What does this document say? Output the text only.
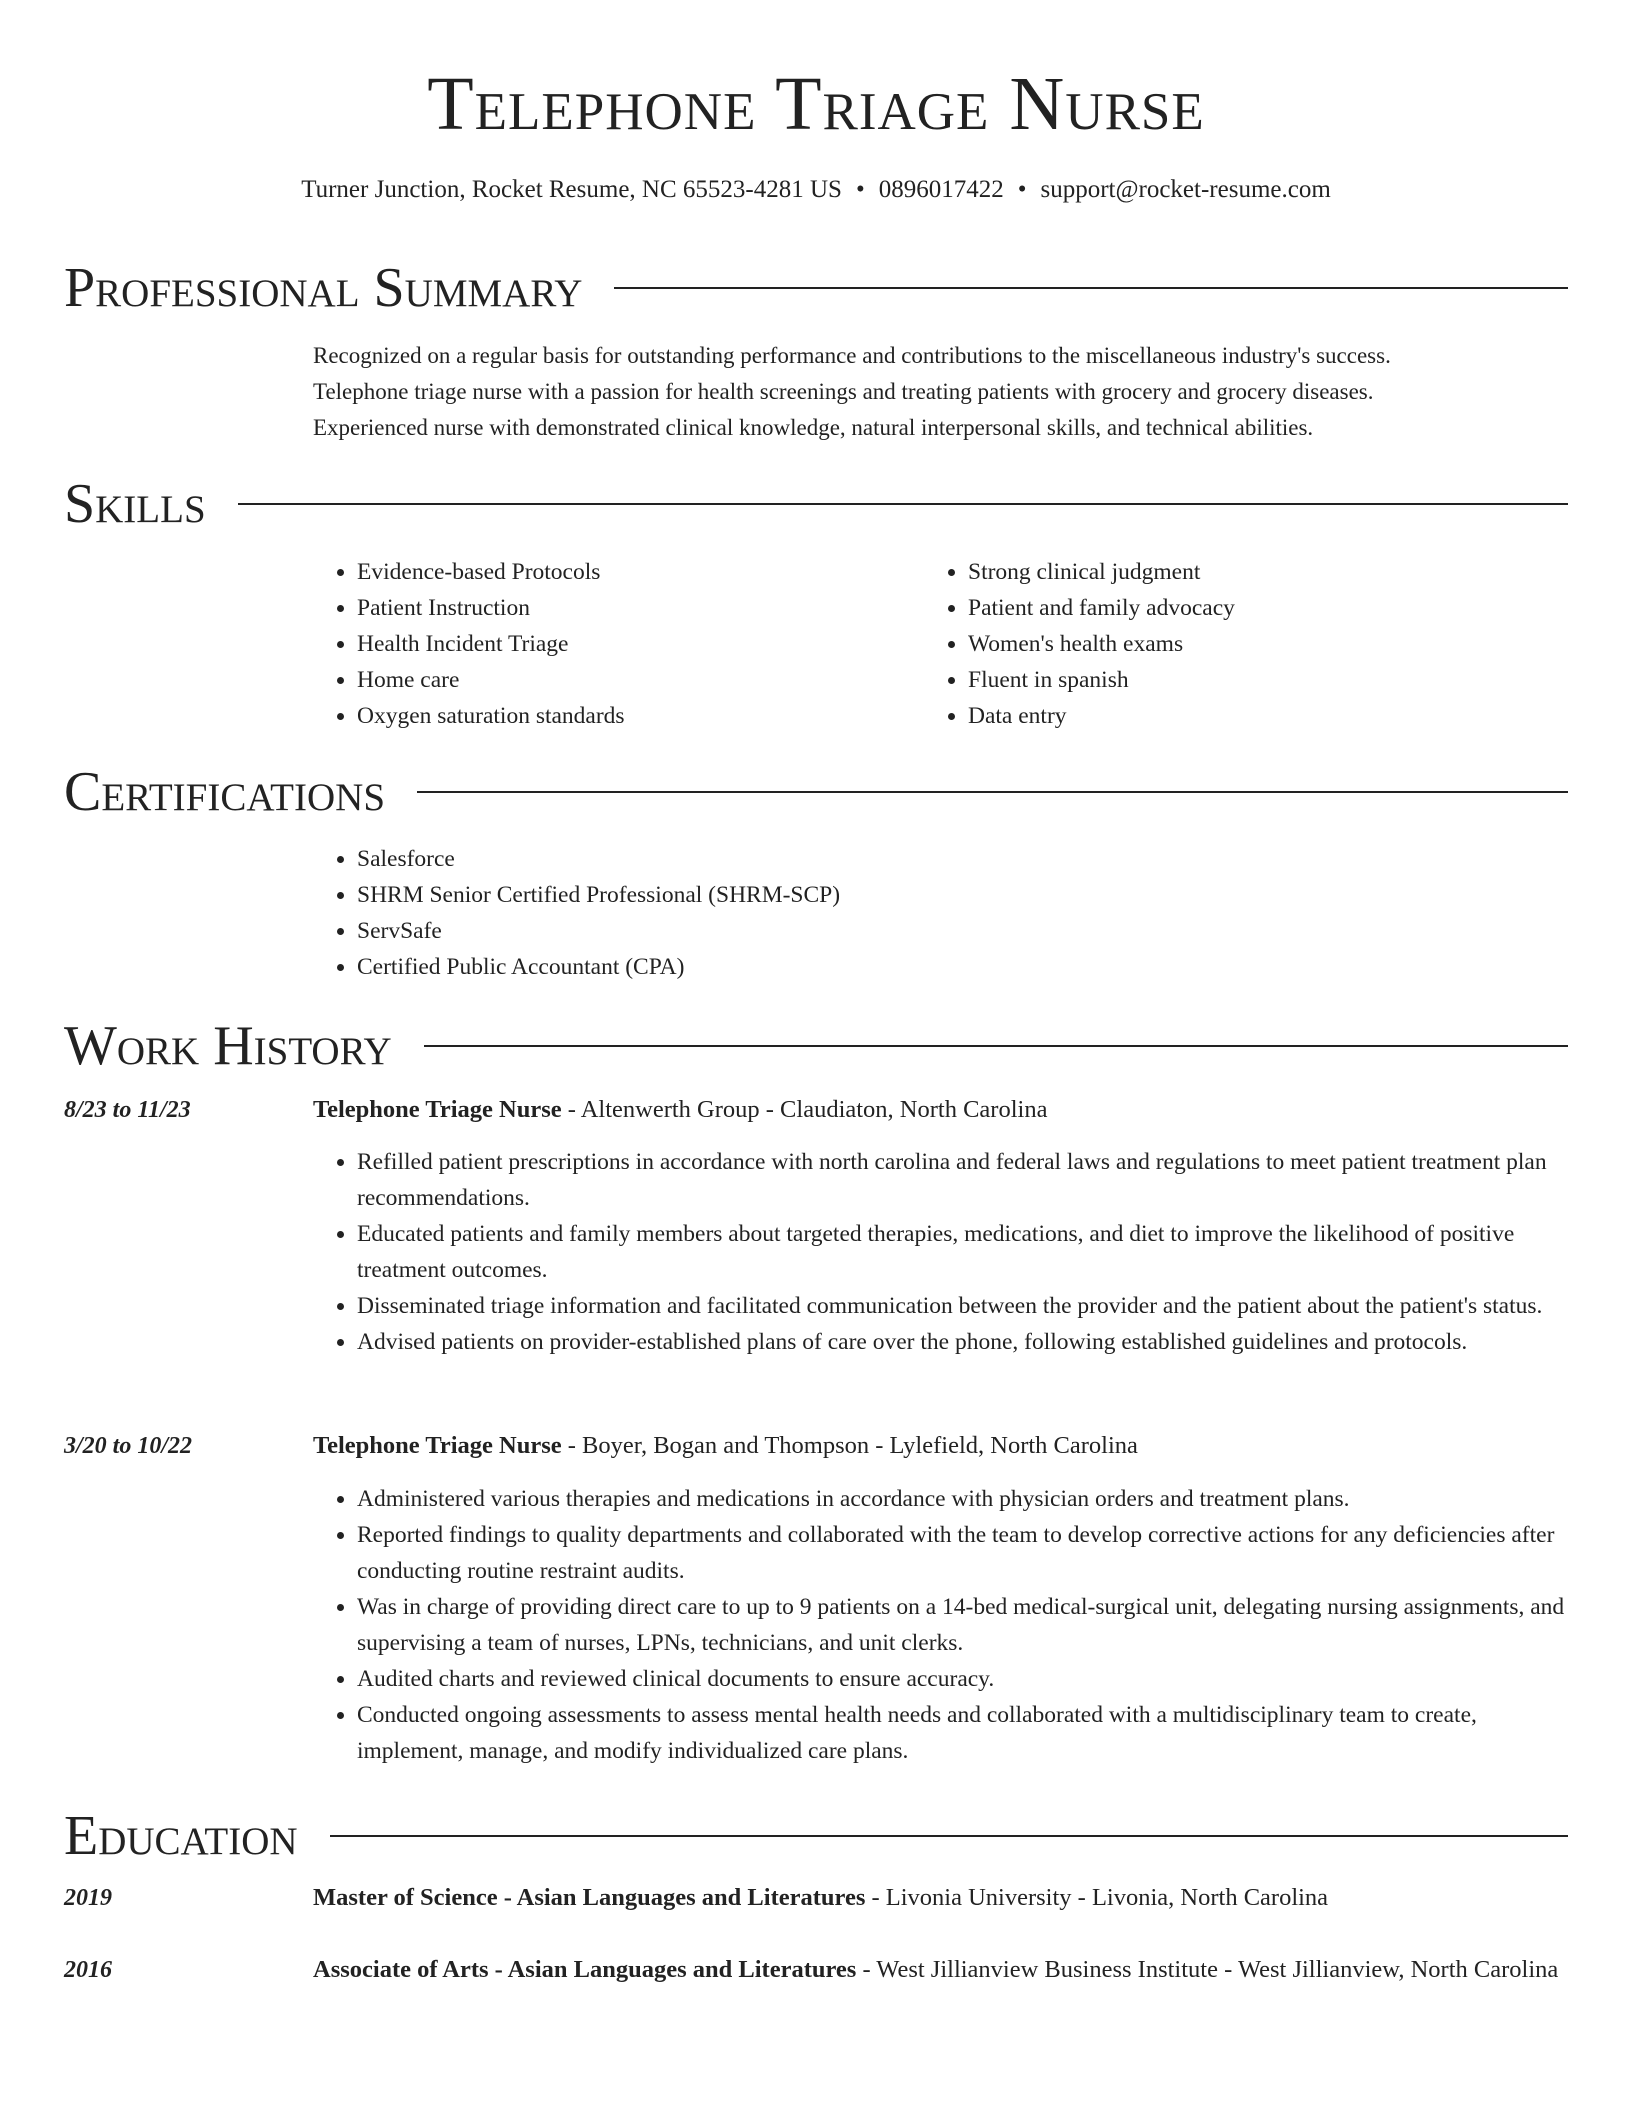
Telephone Triage Nurse
Turner Junction, Rocket Resume, NC 65523-4281 US • 0896017422 • support@rocket-resume.com
Professional Summary
Recognized on a regular basis for outstanding performance and contributions to the miscellaneous industry's success.
Telephone triage nurse with a passion for health screenings and treating patients with grocery and grocery diseases.
Experienced nurse with demonstrated clinical knowledge, natural interpersonal skills, and technical abilities.
Skills
• Evidence-based Protocols
• Patient Instruction
• Health Incident Triage
• Home care
• Oxygen saturation standards
• Strong clinical judgment
• Patient and family advocacy
• Women's health exams
• Fluent in spanish
• Data entry
Certifications
• Salesforce
• SHRM Senior Certified Professional (SHRM-SCP)
• ServSafe
• Certified Public Accountant (CPA)
Work History
8/23 to 11/23	Telephone Triage Nurse - Altenwerth Group - Claudiaton, North Carolina
• Refilled patient prescriptions in accordance with north carolina and federal laws and regulations to meet patient treatment plan recommendations.
• Educated patients and family members about targeted therapies, medications, and diet to improve the likelihood of positive treatment outcomes.
• Disseminated triage information and facilitated communication between the provider and the patient about the patient's status.
• Advised patients on provider-established plans of care over the phone, following established guidelines and protocols.
3/20 to 10/22	Telephone Triage Nurse - Boyer, Bogan and Thompson - Lylefield, North Carolina
• Administered various therapies and medications in accordance with physician orders and treatment plans.
• Reported findings to quality departments and collaborated with the team to develop corrective actions for any deficiencies after conducting routine restraint audits.
• Was in charge of providing direct care to up to 9 patients on a 14-bed medical-surgical unit, delegating nursing assignments, and supervising a team of nurses, LPNs, technicians, and unit clerks.
• Audited charts and reviewed clinical documents to ensure accuracy.
• Conducted ongoing assessments to assess mental health needs and collaborated with a multidisciplinary team to create, implement, manage, and modify individualized care plans.
Education
2019	Master of Science - Asian Languages and Literatures - Livonia University - Livonia, North Carolina
2016	Associate of Arts - Asian Languages and Literatures - West Jillianview Business Institute - West Jillianview, North Carolina
